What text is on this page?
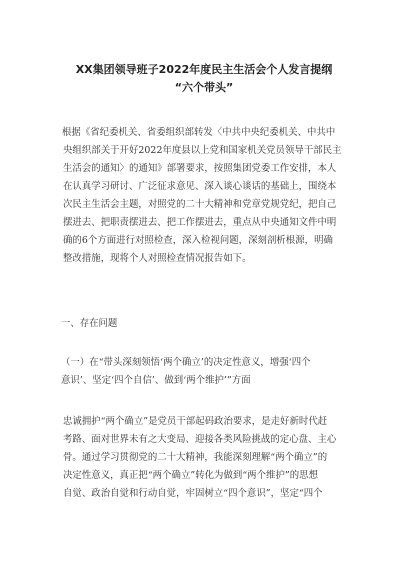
XX集团领导班子2022年度民主生活会个人发言提纲
“六个带头”
根据《省纪委机关、省委组织部转发〈中共中央纪委机关、中共中
央组织部关于开好2022年度县以上党和国家机关党员领导干部民主
生活会的通知〉的通知》部署要求，按照集团党委工作安排，本人
在认真学习研讨、广泛征求意见、深入谈心谈话的基础上，围绕本
次民主生活会主题，对照党的二十大精神和党章党规党纪，把自己
摆进去、把职责摆进去、把工作摆进去，重点从中央通知文件中明
确的6个方面进行对照检查，深入检视问题，深刻剖析根源，明确
整改措施，现将个人对照检查情况报告如下。
一、存在问题
（一）在“带头深刻领悟‘两个确立’的决定性意义，增强‘四个
意识’、坚定‘四个自信’、做到‘两个维护’”方面
忠诚拥护“两个确立”是党员干部起码政治要求，是走好新时代赶
考路、面对世界未有之大变局、迎接各类风险挑战的定心盘、主心
骨。通过学习贯彻党的二十大精神，我能深刻理解“两个确立”的
决定性意义，真正把“两个确立”转化为做到“两个维护”的思想
自觉、政治自觉和行动自觉，牢固树立“四个意识”，坚定“四个
